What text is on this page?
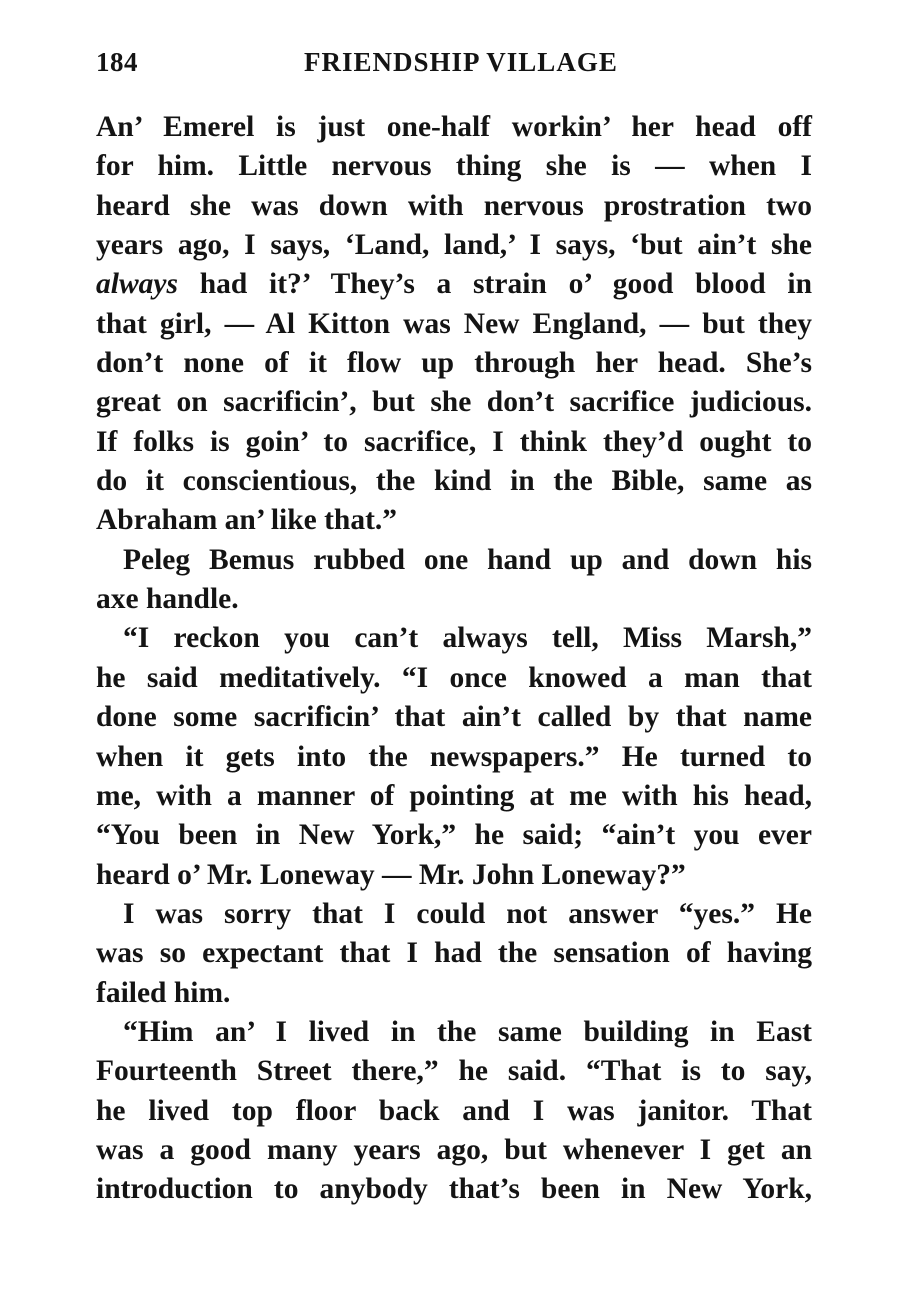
184	FRIENDSHIP VILLAGE
An’ Emerel is just one-half workin’ her head off
for him. Little nervous thing she is — when I
heard she was down with nervous prostration two
years ago, I says, ‘Land, land,’ I says, ‘but ain’t she
always had it?’ They’s a strain o’ good blood in
that girl, — Al Kitton was New England, — but they
don’t none of it flow up through her head. She’s
great on sacrificin’, but she don’t sacrifice judicious.
If folks is goin’ to sacrifice, I think they’d ought to
do it conscientious, the kind in the Bible, same as
Abraham an’ like that.”
Peleg Bemus rubbed one hand up and down his
axe handle.
“I reckon you can’t always tell, Miss Marsh,”
he said meditatively. “I once knowed a man that
done some sacrificin’ that ain’t called by that name
when it gets into the newspapers.” He turned to
me, with a manner of pointing at me with his head,
“You been in New York,” he said; “ain’t you ever
heard o’ Mr. Loneway — Mr. John Loneway?”
I was sorry that I could not answer “yes.” He
was so expectant that I had the sensation of having
failed him.
“Him an’ I lived in the same building in East
Fourteenth Street there,” he said. “That is to say,
he lived top floor back and I was janitor. That
was a good many years ago, but whenever I get an
introduction to anybody that’s been in New York,
